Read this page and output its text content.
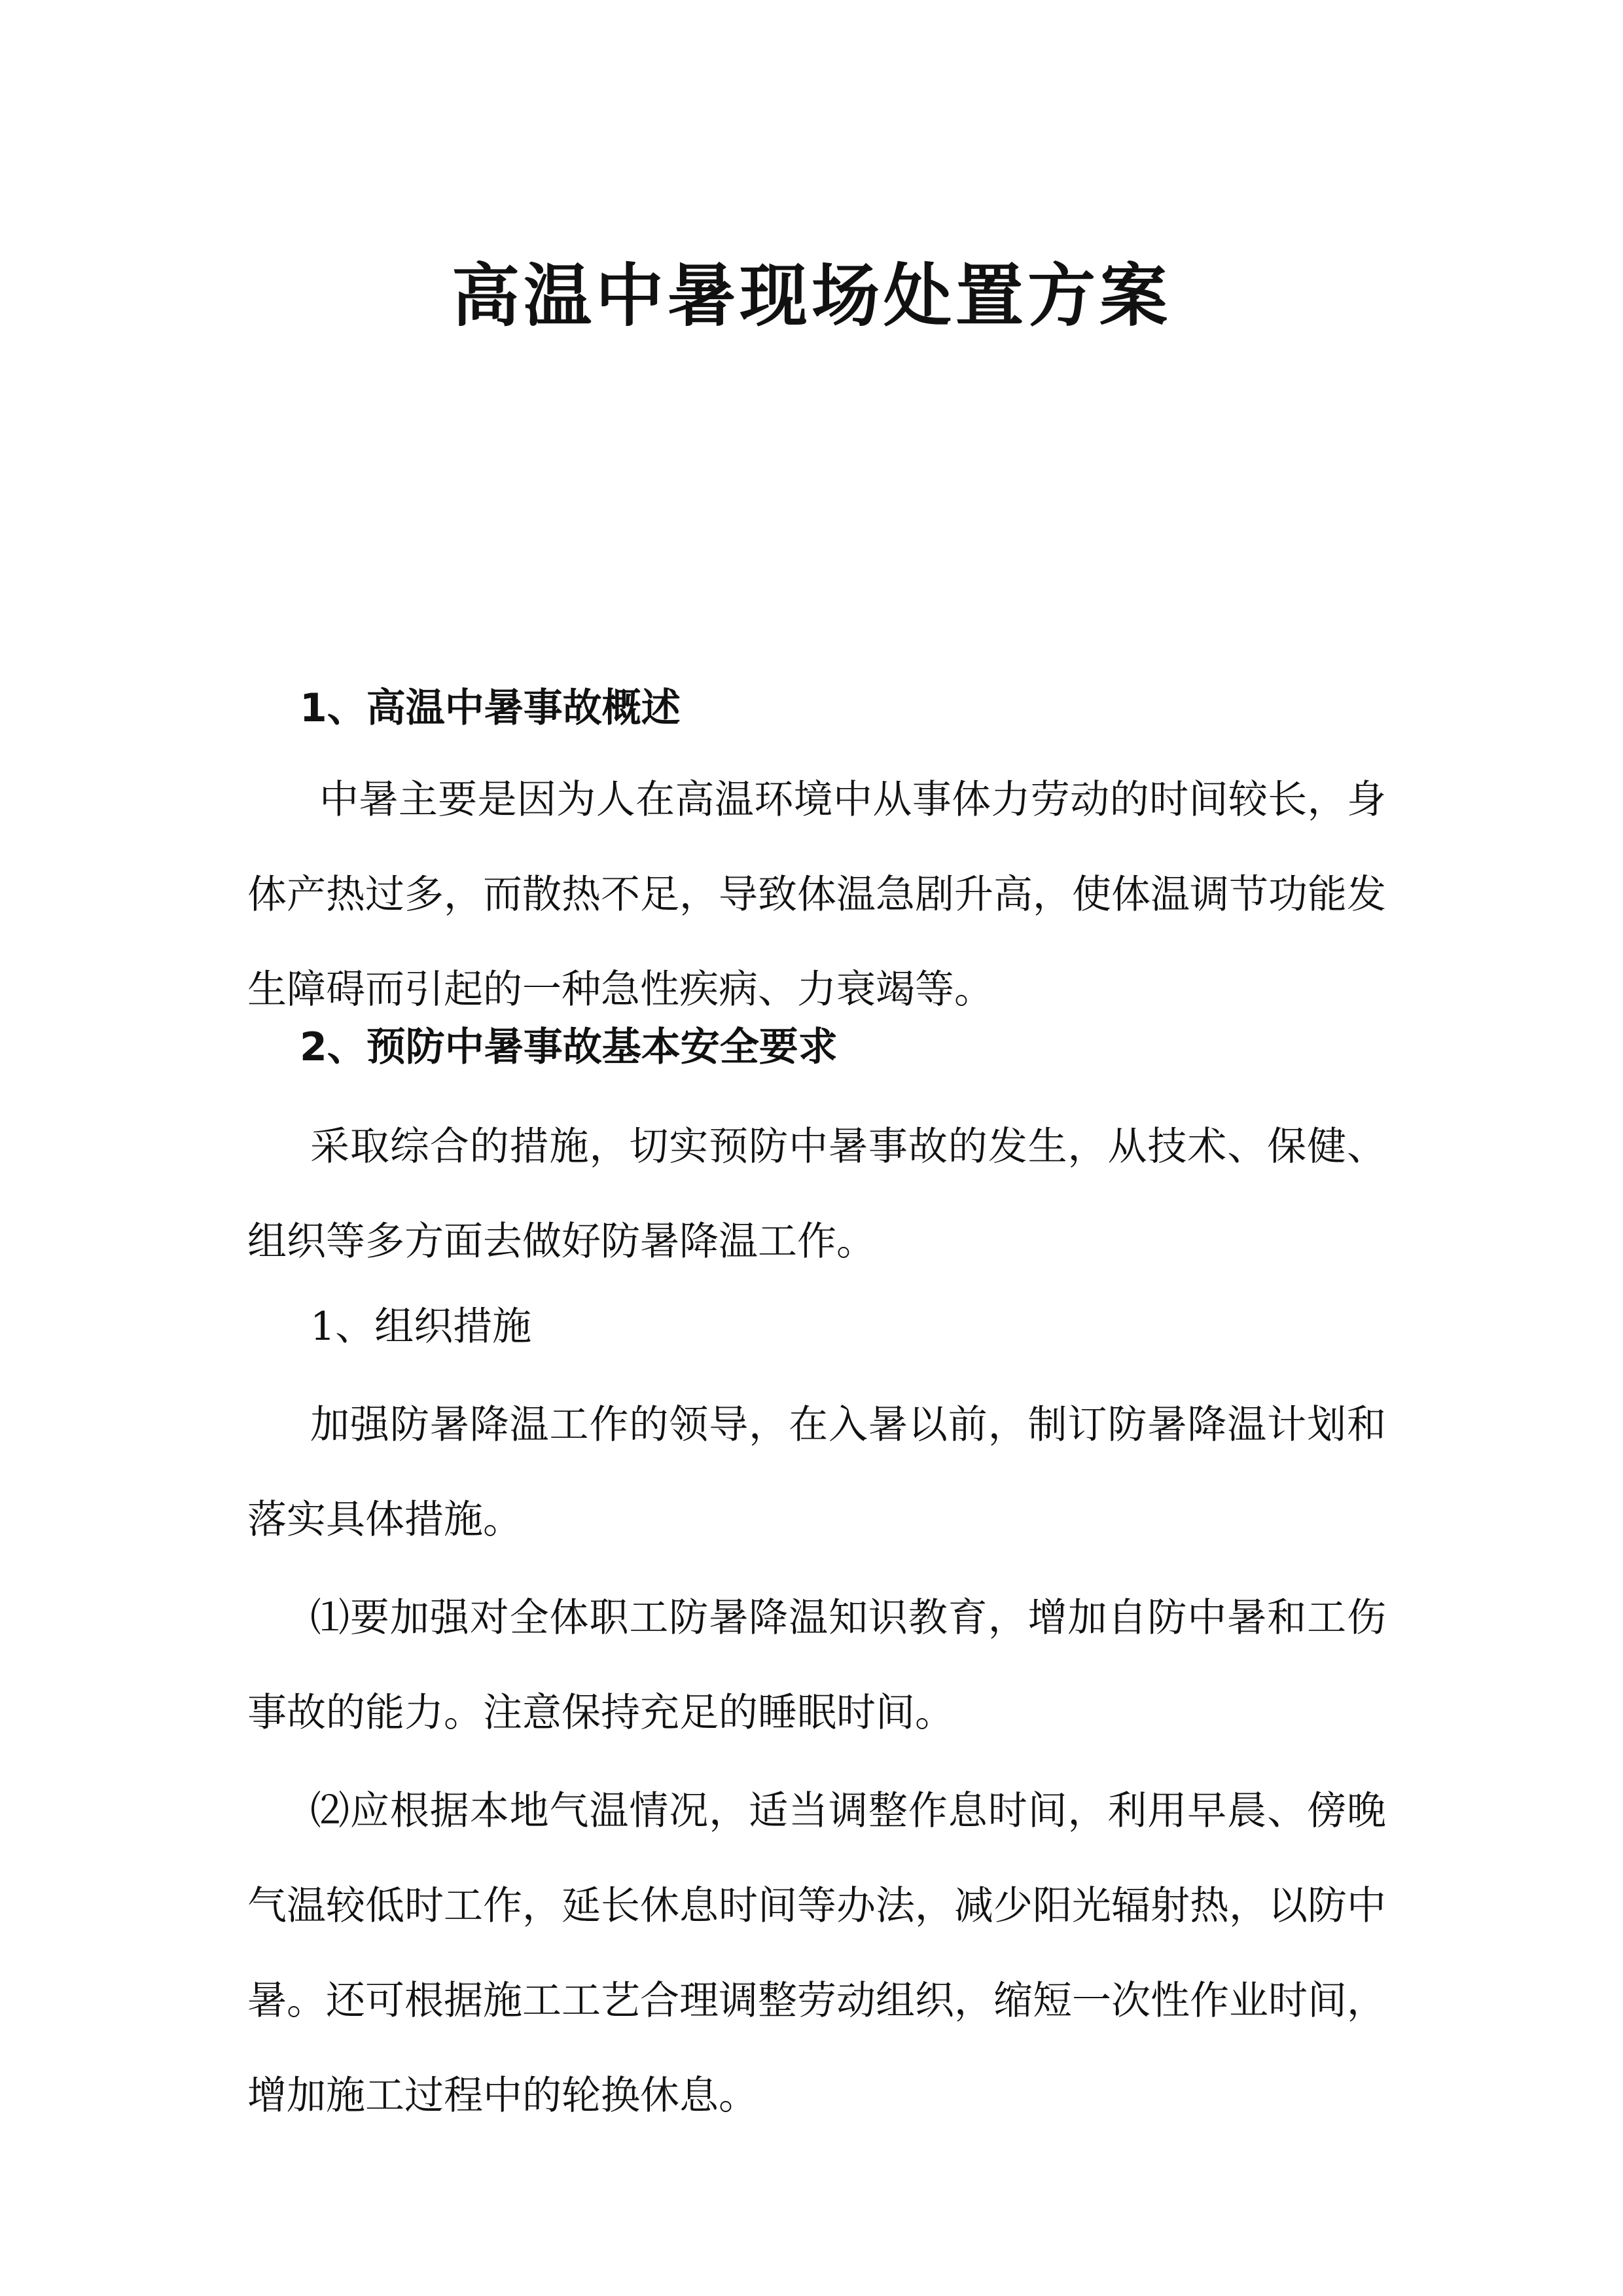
高温中暑现场处置方案
1、高温中暑事故概述

中暑主要是因为人在高温环境中从事体力劳动的时间较长，身体产热过多，而散热不足，导致体温急剧升高，使体温调节功能发生障碍而引起的一种急性疾病、力衰竭等。

2、预防中暑事故基本安全要求

采取综合的措施，切实预防中暑事故的发生，从技术、保健、组织等多方面去做好防暑降温工作。

1、组织措施

加强防暑降温工作的领导，在入暑以前，制订防暑降温计划和落实具体措施。

⑴要加强对全体职工防暑降温知识教育，增加自防中暑和工伤事故的能力。注意保持充足的睡眠时间。

⑵应根据本地气温情况，适当调整作息时间，利用早晨、傍晚气温较低时工作，延长休息时间等办法，减少阳光辐射热，以防中暑。还可根据施工工艺合理调整劳动组织，缩短一次性作业时间，增加施工过程中的轮换休息。
